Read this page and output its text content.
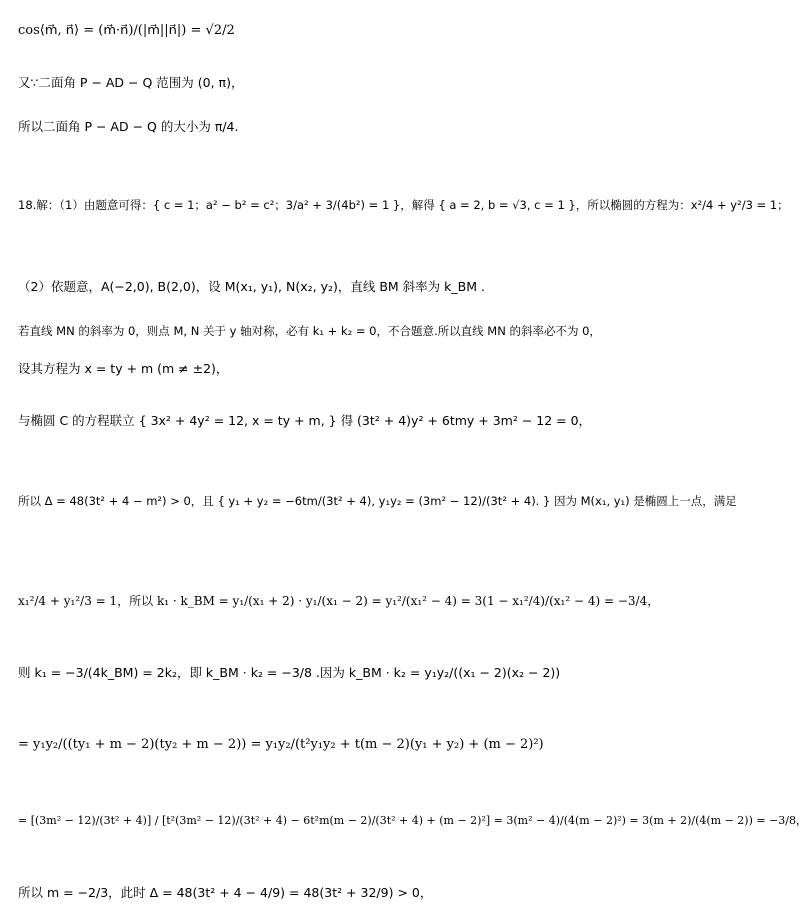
cos⟨m⃗, n⃗⟩ = (m⃗·n⃗)/(|m⃗||n⃗|) = √2/2
又∵二面角 P − AD − Q 范围为 (0, π)，
所以二面角 P − AD − Q 的大小为 π/4.
18.解：（1）由题意可得：{ c = 1；a² − b² = c²；3/a² + 3/(4b²) = 1 }，解得 { a = 2, b = √3, c = 1 }，所以椭圆的方程为：x²/4 + y²/3 = 1；
（2）依题意，A(−2,0), B(2,0)，设 M(x₁, y₁), N(x₂, y₂)，直线 BM 斜率为 k_BM .
若直线 MN 的斜率为 0，则点 M, N 关于 y 轴对称，必有 k₁ + k₂ = 0，不合题意.所以直线 MN 的斜率必不为 0，
设其方程为 x = ty + m (m ≠ ±2)，
与椭圆 C 的方程联立 { 3x² + 4y² = 12, x = ty + m, } 得 (3t² + 4)y² + 6tmy + 3m² − 12 = 0，
所以 Δ = 48(3t² + 4 − m²) > 0，且 { y₁ + y₂ = −6tm/(3t² + 4), y₁y₂ = (3m² − 12)/(3t² + 4). } 因为 M(x₁, y₁) 是椭圆上一点，满足
x₁²/4 + y₁²/3 = 1，所以 k₁ · k_BM = y₁/(x₁ + 2) · y₁/(x₁ − 2) = y₁²/(x₁² − 4) = 3(1 − x₁²/4)/(x₁² − 4) = −3/4，
则 k₁ = −3/(4k_BM) = 2k₂，即 k_BM · k₂ = −3/8 .因为 k_BM · k₂ = y₁y₂/((x₁ − 2)(x₂ − 2))
= y₁y₂/((ty₁ + m − 2)(ty₂ + m − 2)) = y₁y₂/(t²y₁y₂ + t(m − 2)(y₁ + y₂) + (m − 2)²)
= [(3m² − 12)/(3t² + 4)] / [t²(3m² − 12)/(3t² + 4) − 6t²m(m − 2)/(3t² + 4) + (m − 2)²] = 3(m² − 4)/(4(m − 2)²) = 3(m + 2)/(4(m − 2)) = −3/8，
所以 m = −2/3，此时 Δ = 48(3t² + 4 − 4/9) = 48(3t² + 32/9) > 0，
